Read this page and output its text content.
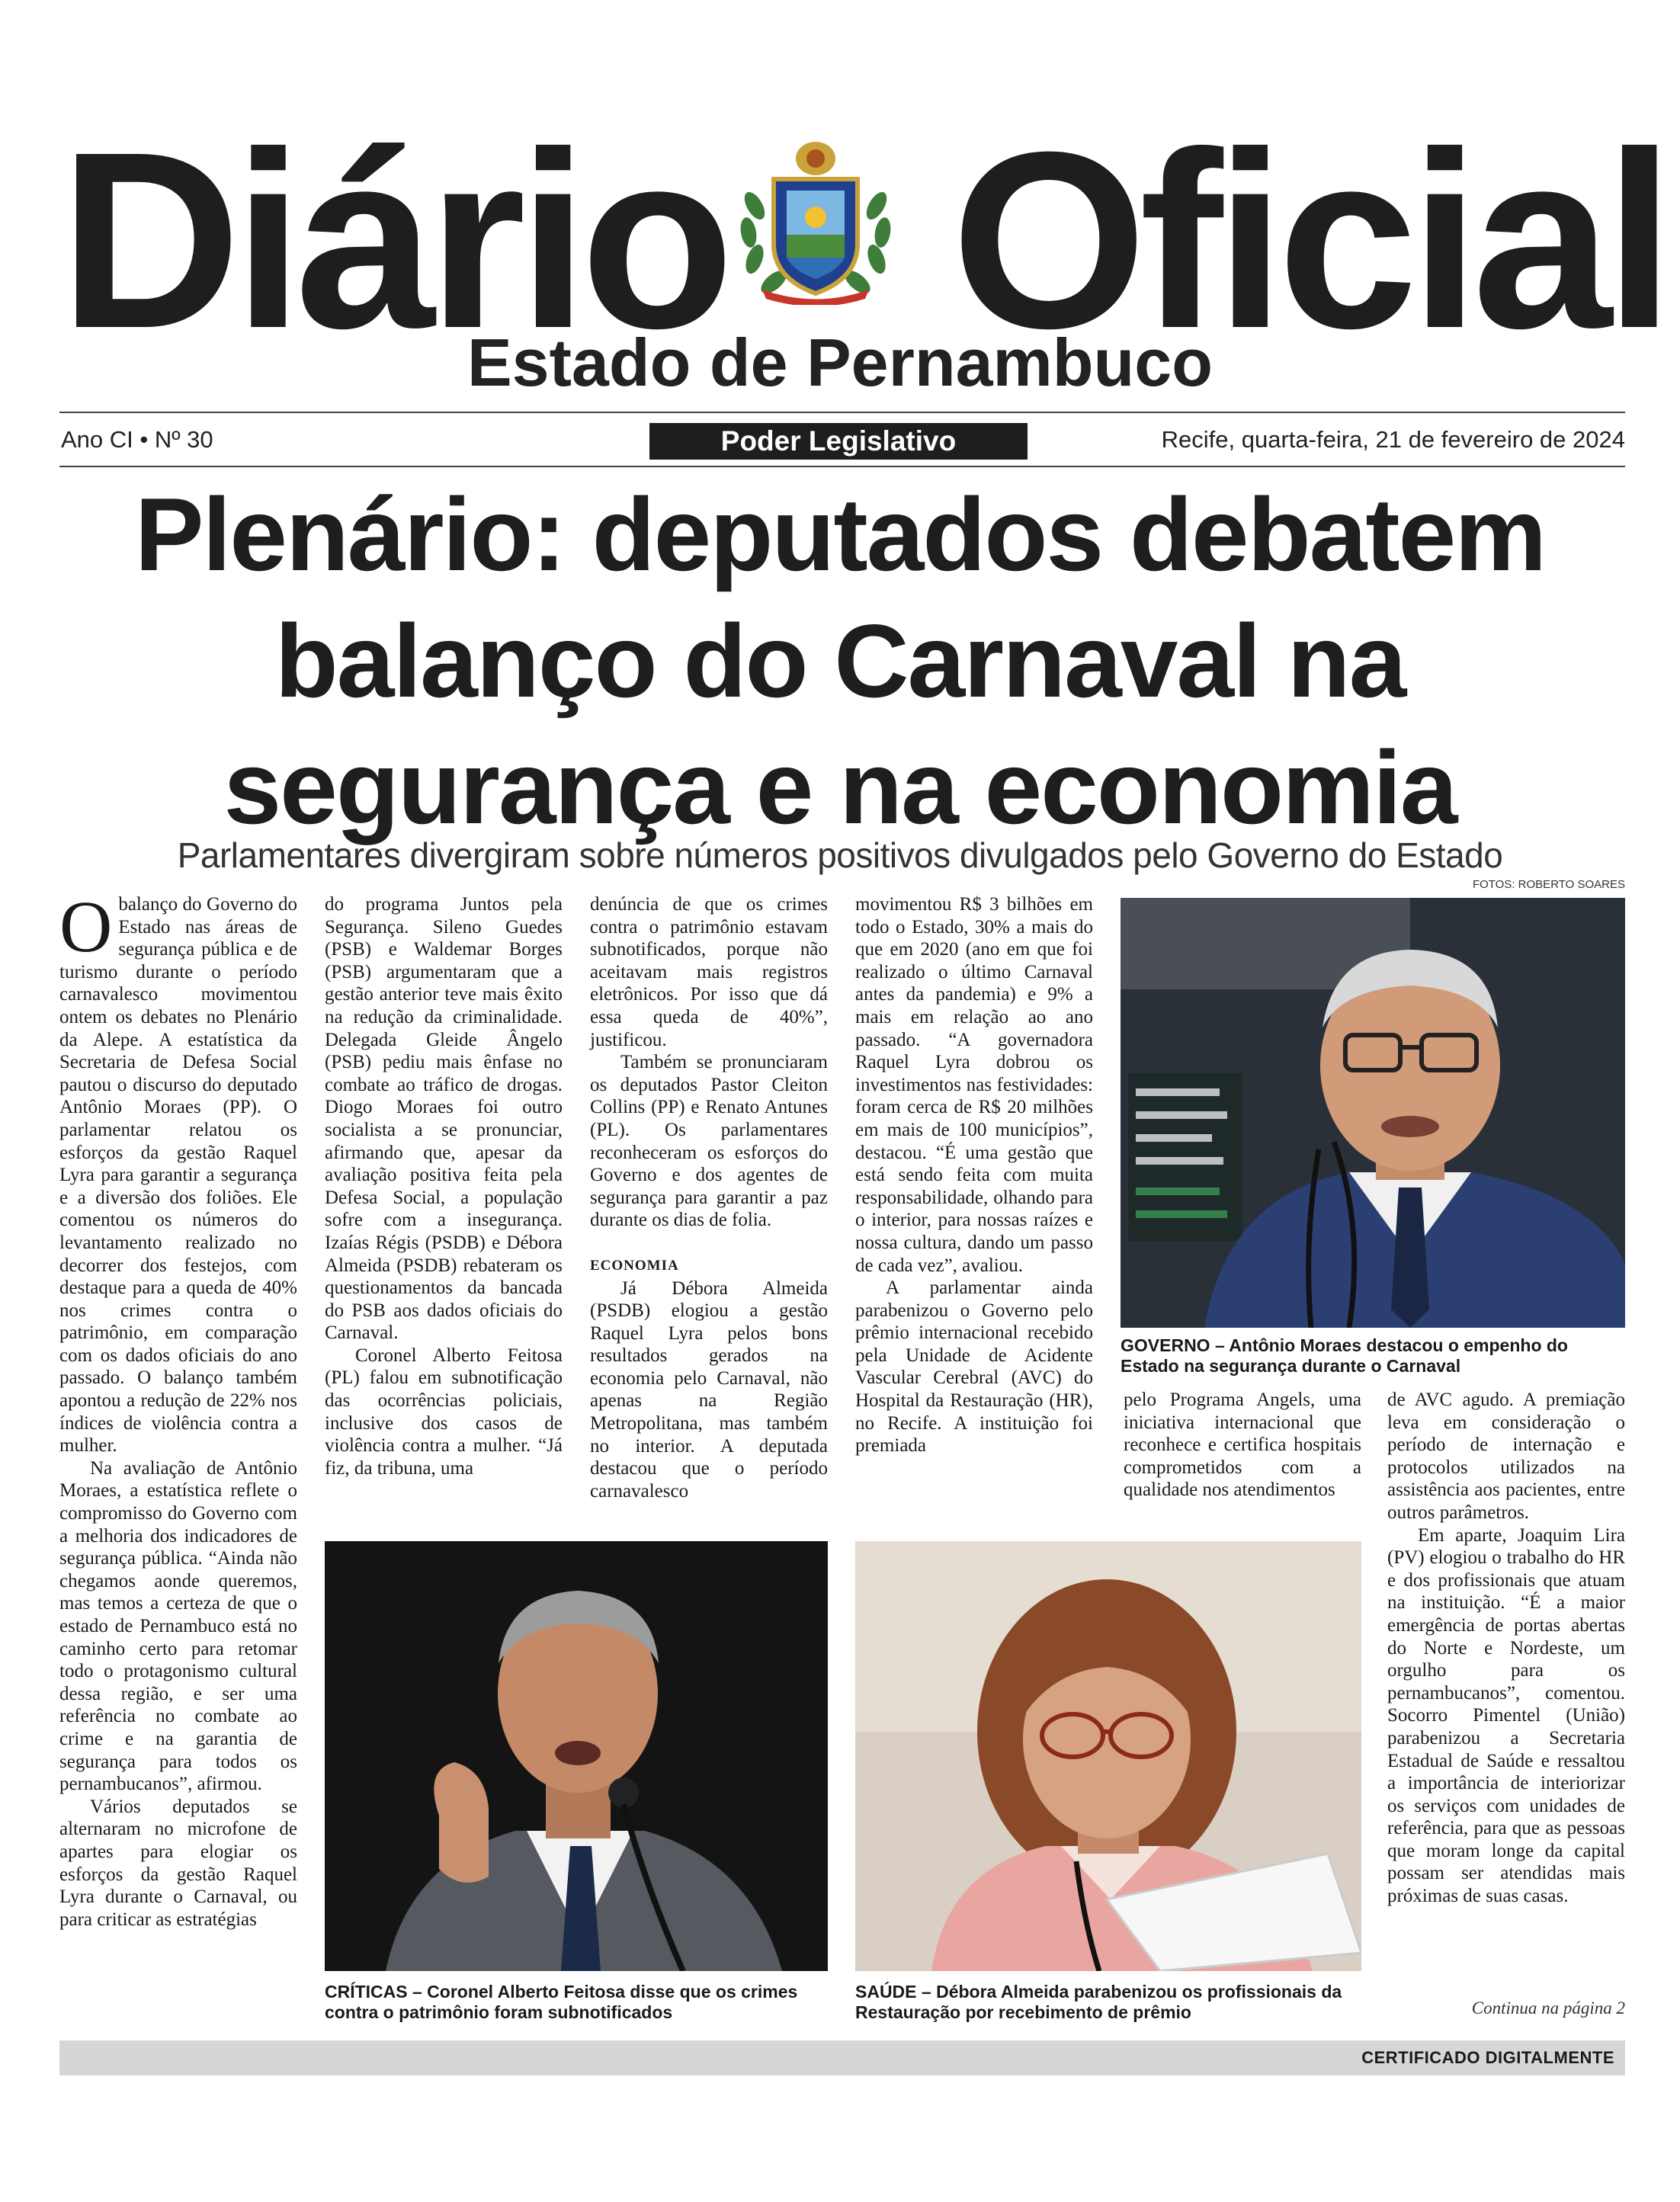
Diário Oficial
Estado de Pernambuco
Ano CI • Nº 30	Poder Legislativo	Recife, quarta-feira, 21 de fevereiro de 2024
Plenário: deputados debatem
balanço do Carnaval na
segurança e na economia
Parlamentares divergiram sobre números positivos divulgados pelo Governo do Estado
FOTOS: ROBERTO SOARES

Obalanço do Governo do Estado nas áreas de segurança pública e de turismo durante o período carnavalesco movimentou ontem os debates no Plenário da Alepe. A estatística da Secretaria de Defesa Social pautou o discurso do deputado Antônio Moraes (PP). O parlamentar relatou os esforços da gestão Raquel Lyra para garantir a segurança e a diversão dos foliões. Ele comentou os números do levantamento realizado no decorrer dos festejos, com destaque para a queda de 40% nos crimes contra o patrimônio, em comparação com os dados oficiais do ano passado. O balanço também apontou a redução de 22% nos índices de violência contra a mulher.

Na avaliação de Antônio Moraes, a estatística reflete o compromisso do Governo com a melhoria dos indicadores de segurança pública. “Ainda não chegamos aonde queremos, mas temos a certeza de que o estado de Pernambuco está no caminho certo para retomar todo o protagonismo cultural dessa região, e ser uma referência no combate ao crime e na garantia de segurança para todos os pernambucanos”, afirmou.

Vários deputados se alternaram no microfone de apartes para elogiar os esforços da gestão Raquel Lyra durante o Carnaval, ou para criticar as estratégias

do programa Juntos pela Segurança. Sileno Guedes (PSB) e Waldemar Borges (PSB) argumentaram que a gestão anterior teve mais êxito na redução da criminalidade. Delegada Gleide Ângelo (PSB) pediu mais ênfase no combate ao tráfico de drogas. Diogo Moraes foi outro socialista a se pronunciar, afirmando que, apesar da avaliação positiva feita pela Defesa Social, a população sofre com a insegurança. Izaías Régis (PSDB) e Débora Almeida (PSDB) rebateram os questionamentos da bancada do PSB aos dados oficiais do Carnaval.

Coronel Alberto Feitosa (PL) falou em subnotificação das ocorrências policiais, inclusive dos casos de violência contra a mulher. “Já fiz, da tribuna, uma

denúncia de que os crimes contra o patrimônio estavam subnotificados, porque não aceitavam mais registros eletrônicos. Por isso que dá essa queda de 40%”, justificou.

Também se pronunciaram os deputados Pastor Cleiton Collins (PP) e Renato Antunes (PL). Os parlamentares reconheceram os esforços do Governo e dos agentes de segurança para garantir a paz durante os dias de folia.

ECONOMIA

Já Débora Almeida (PSDB) elogiou a gestão Raquel Lyra pelos bons resultados gerados na economia pelo Carnaval, não apenas na Região Metropolitana, mas também no interior. A deputada destacou que o período carnavalesco

movimentou R$ 3 bilhões em todo o Estado, 30% a mais do que em 2020 (ano em que foi realizado o último Carnaval antes da pandemia) e 9% a mais em relação ao ano passado. “A governadora Raquel Lyra dobrou os investimentos nas festividades: foram cerca de R$ 20 milhões em mais de 100 municípios”, destacou. “É uma gestão que está sendo feita com muita responsabilidade, olhando para o interior, para nossas raízes e nossa cultura, dando um passo de cada vez”, avaliou.

A parlamentar ainda parabenizou o Governo pelo prêmio internacional recebido pela Unidade de Acidente Vascular Cerebral (AVC) do Hospital da Restauração (HR), no Recife. A instituição foi premiada

pelo Programa Angels, uma iniciativa internacional que reconhece e certifica hospitais comprometidos com a qualidade nos atendimentos

de AVC agudo. A premiação leva em consideração o período de internação e protocolos utilizados na assistência aos pacientes, entre outros parâmetros.

Em aparte, Joaquim Lira (PV) elogiou o trabalho do HR e dos profissionais que atuam na instituição. “É a maior emergência de portas abertas do Norte e Nordeste, um orgulho para os pernambucanos”, comentou. Socorro Pimentel (União) parabenizou a Secretaria Estadual de Saúde e ressaltou a importância de interiorizar os serviços com unidades de referência, para que as pessoas que moram longe da capital possam ser atendidas mais próximas de suas casas.

Continua na página 2
GOVERNO – Antônio Moraes destacou o empenho do Estado na segurança durante o Carnaval
CRÍTICAS – Coronel Alberto Feitosa disse que os crimes contra o patrimônio foram subnotificados
SAÚDE – Débora Almeida parabenizou os profissionais da Restauração por recebimento de prêmio
CERTIFICADO DIGITALMENTE
